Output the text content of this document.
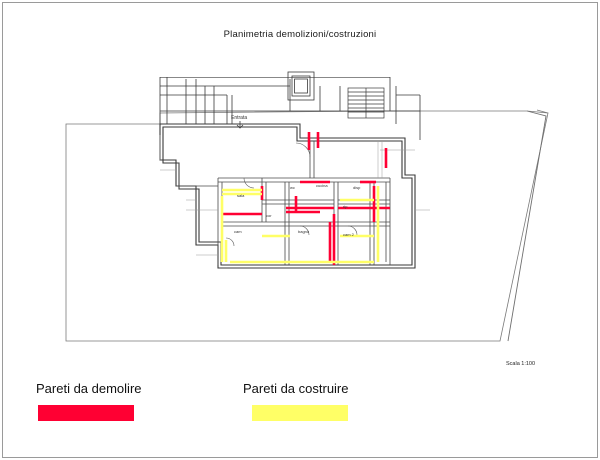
Planimetria demolizioni/costruzioni
Entrata
sala
wc	cucina	disp
cam	bagno
cam 2
rip
cor
Scala 1:100
Pareti da demolire	Pareti da costruire
